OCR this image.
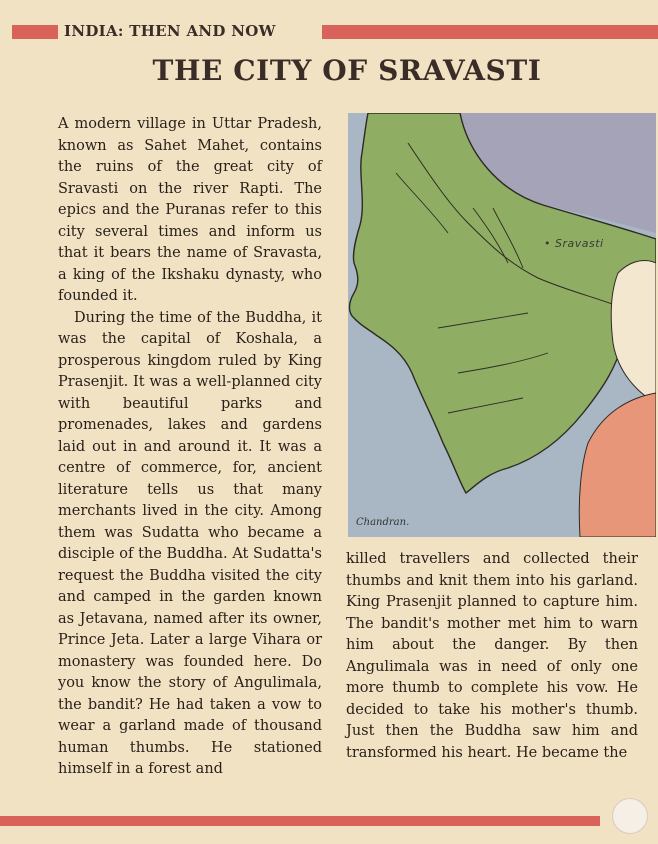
INDIA: THEN AND NOW
THE CITY OF SRAVASTI

A modern village in Uttar Pradesh, known as Sahet Mahet, contains the ruins of the great city of Sravasti on the river Rapti. The epics and the Puranas refer to this city several times and inform us that it bears the name of Sravasta, a king of the Ikshaku dynasty, who founded it.

During the time of the Buddha, it was the capital of Koshala, a prosperous kingdom ruled by King Prasenjit. It was a well-planned city with beautiful parks and promenades, lakes and gardens laid out in and around it. It was a centre of commerce, for, ancient literature tells us that many merchants lived in the city. Among them was Sudatta who became a disciple of the Buddha. At Sudatta's request the Buddha visited the city and camped in the garden known as Jetavana, named after its owner, Prince Jeta. Later a large Vihara or monastery was founded here. Do you know the story of Angulimala, the bandit? He had taken a vow to wear a garland made of thousand human thumbs. He stationed himself in a forest and

• Sravasti
Chandran.

killed travellers and collected their thumbs and knit them into his garland. King Prasenjit planned to capture him. The bandit's mother met him to warn him about the danger. By then Angulimala was in need of only one more thumb to complete his vow. He decided to take his mother's thumb. Just then the Buddha saw him and transformed his heart. He became the
